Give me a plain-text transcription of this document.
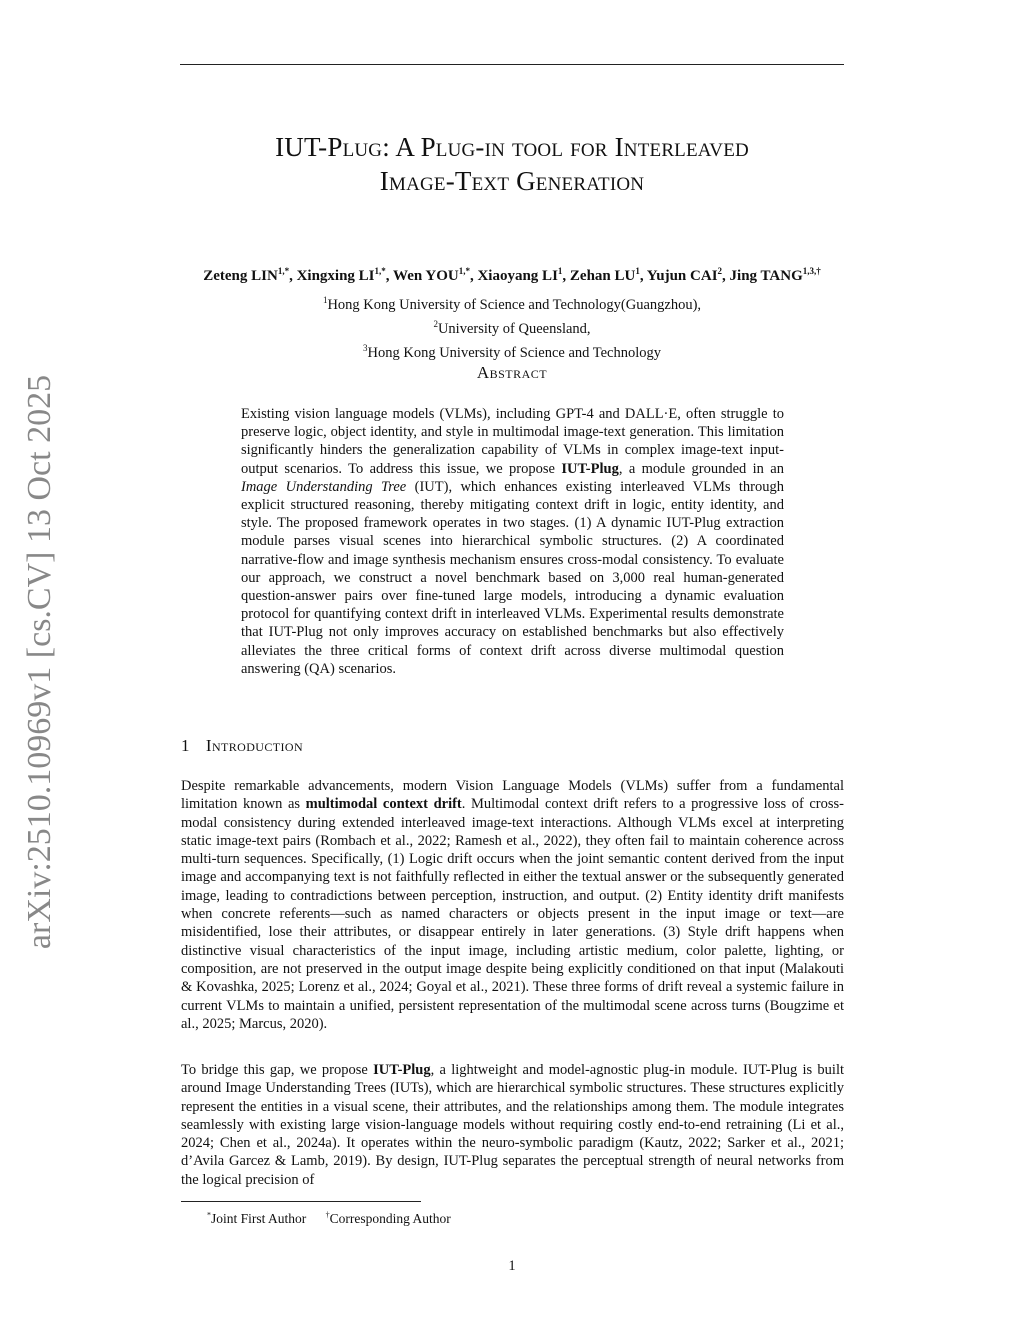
arXiv:2510.10969v1 [cs.CV] 13 Oct 2025
IUT-Plug: A Plug-in tool for Interleaved
Image-Text Generation
Zeteng $LIN^{1,*}$, Xingxing $LI^{1,*}$, Wen $YOU^{1,*}$, Xiaoyang $LI^1$, Zehan $LU^1$, Yujun CAI$^2$, Jing $TANG^{1,3,\dagger}$
$^1$Hong Kong University of Science and Technology(Guangzhou),
$^2$University of Queensland,
$^3$Hong Kong University of Science and Technology
Abstract
Existing vision language models (VLMs), including GPT-4 and DALL·E, often struggle to preserve logic, object identity, and style in multimodal image-text generation. This limitation significantly hinders the generalization capability of VLMs in complex image-text input-output scenarios. To address this issue, we propose IUT-Plug, a module grounded in an Image Understanding Tree (IUT), which enhances existing interleaved VLMs through explicit structured reasoning, thereby mitigating context drift in logic, entity identity, and style. The proposed framework operates in two stages. (1) A dynamic IUT-Plug extraction module parses visual scenes into hierarchical symbolic structures. (2) A coordinated narrative-flow and image synthesis mechanism ensures cross-modal consistency. To evaluate our approach, we construct a novel benchmark based on 3,000 real human-generated question-answer pairs over fine-tuned large models, introducing a dynamic evaluation protocol for quantifying context drift in interleaved VLMs. Experimental results demonstrate that IUT-Plug not only improves accuracy on established benchmarks but also effectively alleviates the three critical forms of context drift across diverse multimodal question answering (QA) scenarios.
1 Introduction
Despite remarkable advancements, modern Vision Language Models (VLMs) suffer from a fundamental limitation known as multimodal context drift. Multimodal context drift refers to a progressive loss of cross-modal consistency during extended interleaved image-text interactions. Although VLMs excel at interpreting static image-text pairs (Rombach et al., 2022; Ramesh et al., 2022), they often fail to maintain coherence across multi-turn sequences. Specifically, (1) Logic drift occurs when the joint semantic content derived from the input image and accompanying text is not faithfully reflected in either the textual answer or the subsequently generated image, leading to contradictions between perception, instruction, and output. (2) Entity identity drift manifests when concrete referents—such as named characters or objects present in the input image or text—are misidentified, lose their attributes, or disappear entirely in later generations. (3) Style drift happens when distinctive visual characteristics of the input image, including artistic medium, color palette, lighting, or composition, are not preserved in the output image despite being explicitly conditioned on that input (Malakouti & Kovashka, 2025; Lorenz et al., 2024; Goyal et al., 2021). These three forms of drift reveal a systemic failure in current VLMs to maintain a unified, persistent representation of the multimodal scene across turns (Bougzime et al., 2025; Marcus, 2020).
To bridge this gap, we propose IUT-Plug, a lightweight and model-agnostic plug-in module. IUT-Plug is built around Image Understanding Trees (IUTs), which are hierarchical symbolic structures. These structures explicitly represent the entities in a visual scene, their attributes, and the relationships among them. The module integrates seamlessly with existing large vision-language models without requiring costly end-to-end retraining (Li et al., 2024; Chen et al., 2024a). It operates within the neuro-symbolic paradigm (Kautz, 2022; Sarker et al., 2021; d’Avila Garcez & Lamb, 2019). By design, IUT-Plug separates the perceptual strength of neural networks from the logical precision of
*Joint First Author †Corresponding Author
1
